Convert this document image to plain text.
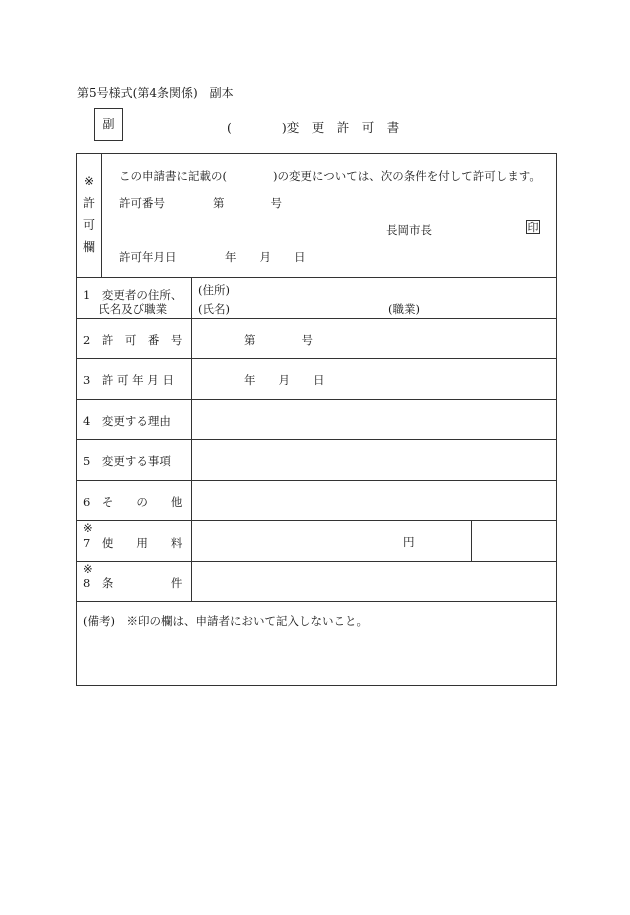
第5号様式(第4条関係)　副本
副	(　　　　)変　更　許　可　書
※
許
可
欄
この申請書に記載の(　　　　)の変更については、次の条件を付して許可します。
許可番号	第　　　　号
長岡市長	印
許可年月日	年　　月　　日
1　変更者の住所、
　 氏名及び職業
(住所)
(氏名)	(職業)
2　許　可　番　号	第　　　　号
3　許 可 年 月 日	年　　月　　日
4　変更する理由
5　変更する事項
6　そ　　の　　他
※
7　使　　用　　料	円
※
8　条　　　　　件
(備考)　※印の欄は、申請者において記入しないこと。
